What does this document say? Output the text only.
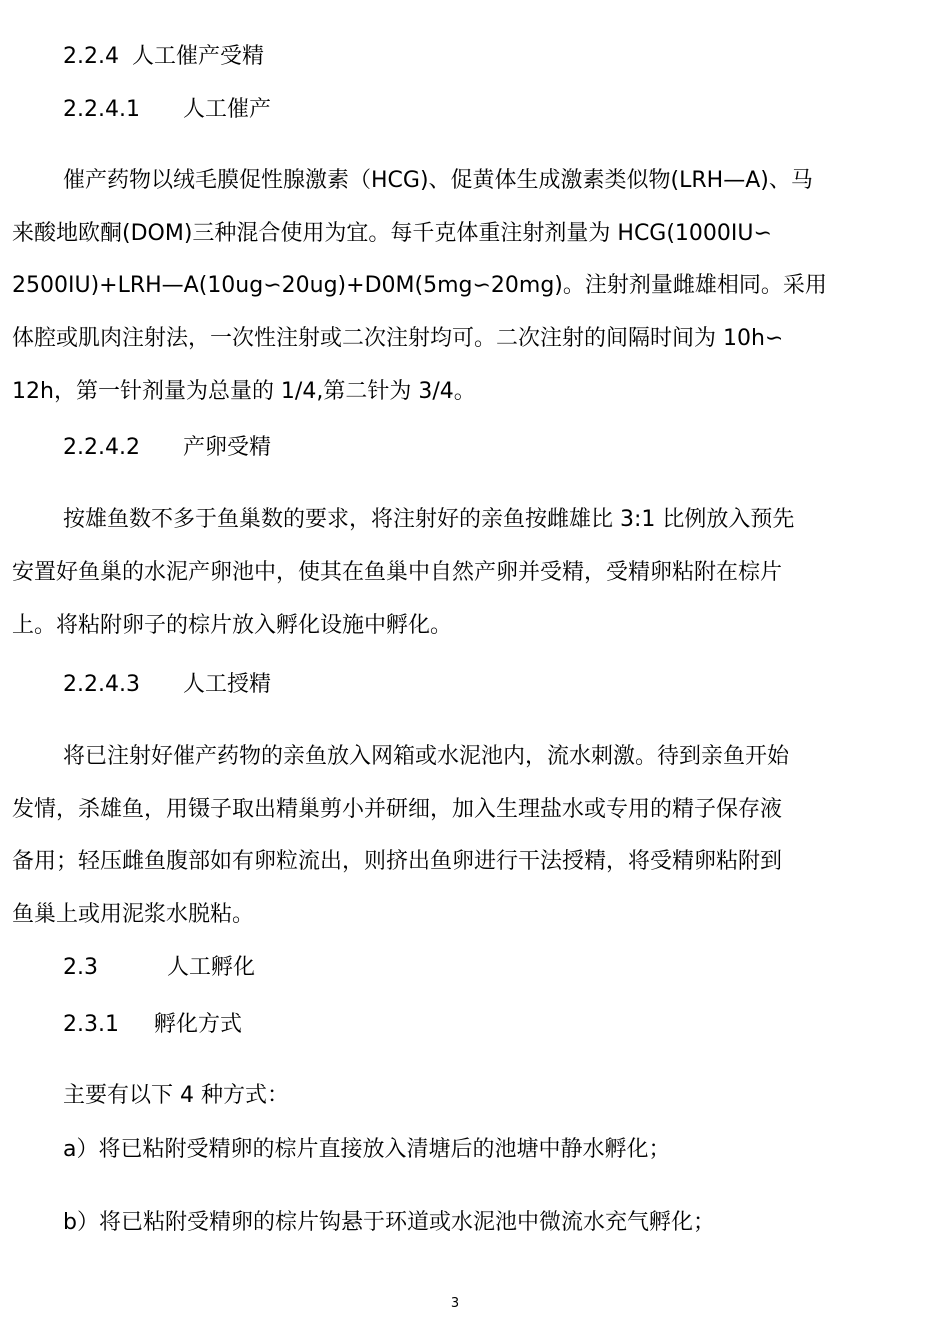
2.2.4 人工催产受精
2.2.4.1 人工催产
催产药物以绒毛膜促性腺激素（HCG)、促黄体生成激素类似物(LRH—A)、马
来酸地欧酮(DOM)三种混合使用为宜。每千克体重注射剂量为 HCG(1000IU∽
2500IU)+LRH—A(10ug∽20ug)+D0M(5mg∽20mg)。注射剂量雌雄相同。采用
体腔或肌肉注射法，一次性注射或二次注射均可。二次注射的间隔时间为 10h∽
12h，第一针剂量为总量的 1/4,第二针为 3/4。
2.2.4.2 产卵受精
按雄鱼数不多于鱼巢数的要求，将注射好的亲鱼按雌雄比 3:1 比例放入预先
安置好鱼巢的水泥产卵池中，使其在鱼巢中自然产卵并受精，受精卵粘附在棕片
上。将粘附卵子的棕片放入孵化设施中孵化。
2.2.4.3 人工授精
将已注射好催产药物的亲鱼放入网箱或水泥池内，流水刺激。待到亲鱼开始
发情，杀雄鱼，用镊子取出精巢剪小并研细，加入生理盐水或专用的精子保存液
备用；轻压雌鱼腹部如有卵粒流出，则挤出鱼卵进行干法授精，将受精卵粘附到
鱼巢上或用泥浆水脱粘。
2.3	人工孵化
2.3.1 孵化方式
主要有以下 4 种方式：
a）将已粘附受精卵的棕片直接放入清塘后的池塘中静水孵化；
b）将已粘附受精卵的棕片钩悬于环道或水泥池中微流水充气孵化；
3
